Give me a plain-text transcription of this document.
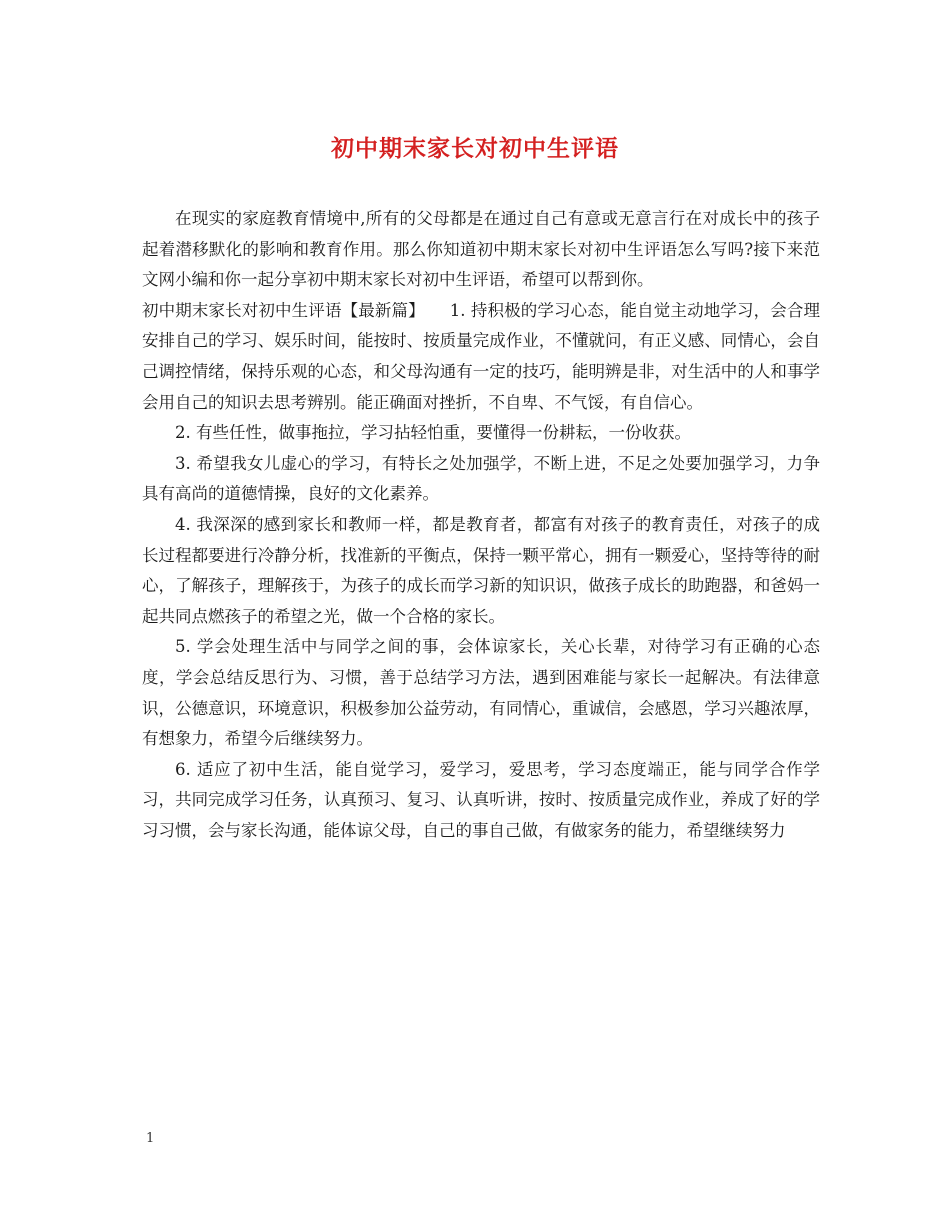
初中期末家长对初中生评语

在现实的家庭教育情境中,所有的父母都是在通过自己有意或无意言行在对成长中的孩子起着潜移默化的影响和教育作用。那么你知道初中期末家长对初中生评语怎么写吗?接下来范文网小编和你一起分享初中期末家长对初中生评语，希望可以帮到你。

初中期末家长对初中生评语【最新篇】　　1. 持积极的学习心态，能自觉主动地学习，会合理安排自己的学习、娱乐时间，能按时、按质量完成作业，不懂就问，有正义感、同情心，会自己调控情绪，保持乐观的心态，和父母沟通有一定的技巧，能明辨是非，对生活中的人和事学会用自己的知识去思考辨别。能正确面对挫折，不自卑、不气馁，有自信心。

2. 有些任性，做事拖拉，学习拈轻怕重，要懂得一份耕耘，一份收获。

3. 希望我女儿虚心的学习，有特长之处加强学，不断上进，不足之处要加强学习，力争具有高尚的道德情操，良好的文化素养。

4. 我深深的感到家长和教师一样，都是教育者，都富有对孩子的教育责任，对孩子的成长过程都要进行冷静分析，找准新的平衡点，保持一颗平常心，拥有一颗爱心，坚持等待的耐心，了解孩子，理解孩于，为孩子的成长而学习新的知识识，做孩子成长的助跑器，和爸妈一起共同点燃孩子的希望之光，做一个合格的家长。

5. 学会处理生活中与同学之间的事，会体谅家长，关心长辈，对待学习有正确的心态度，学会总结反思行为、习惯，善于总结学习方法，遇到困难能与家长一起解决。有法律意识，公德意识，环境意识，积极参加公益劳动，有同情心，重诚信，会感恩，学习兴趣浓厚，有想象力，希望今后继续努力。

6. 适应了初中生活，能自觉学习，爱学习，爱思考，学习态度端正，能与同学合作学习，共同完成学习任务，认真预习、复习、认真听讲，按时、按质量完成作业，养成了好的学习习惯，会与家长沟通，能体谅父母，自己的事自己做，有做家务的能力，希望继续努力

1
